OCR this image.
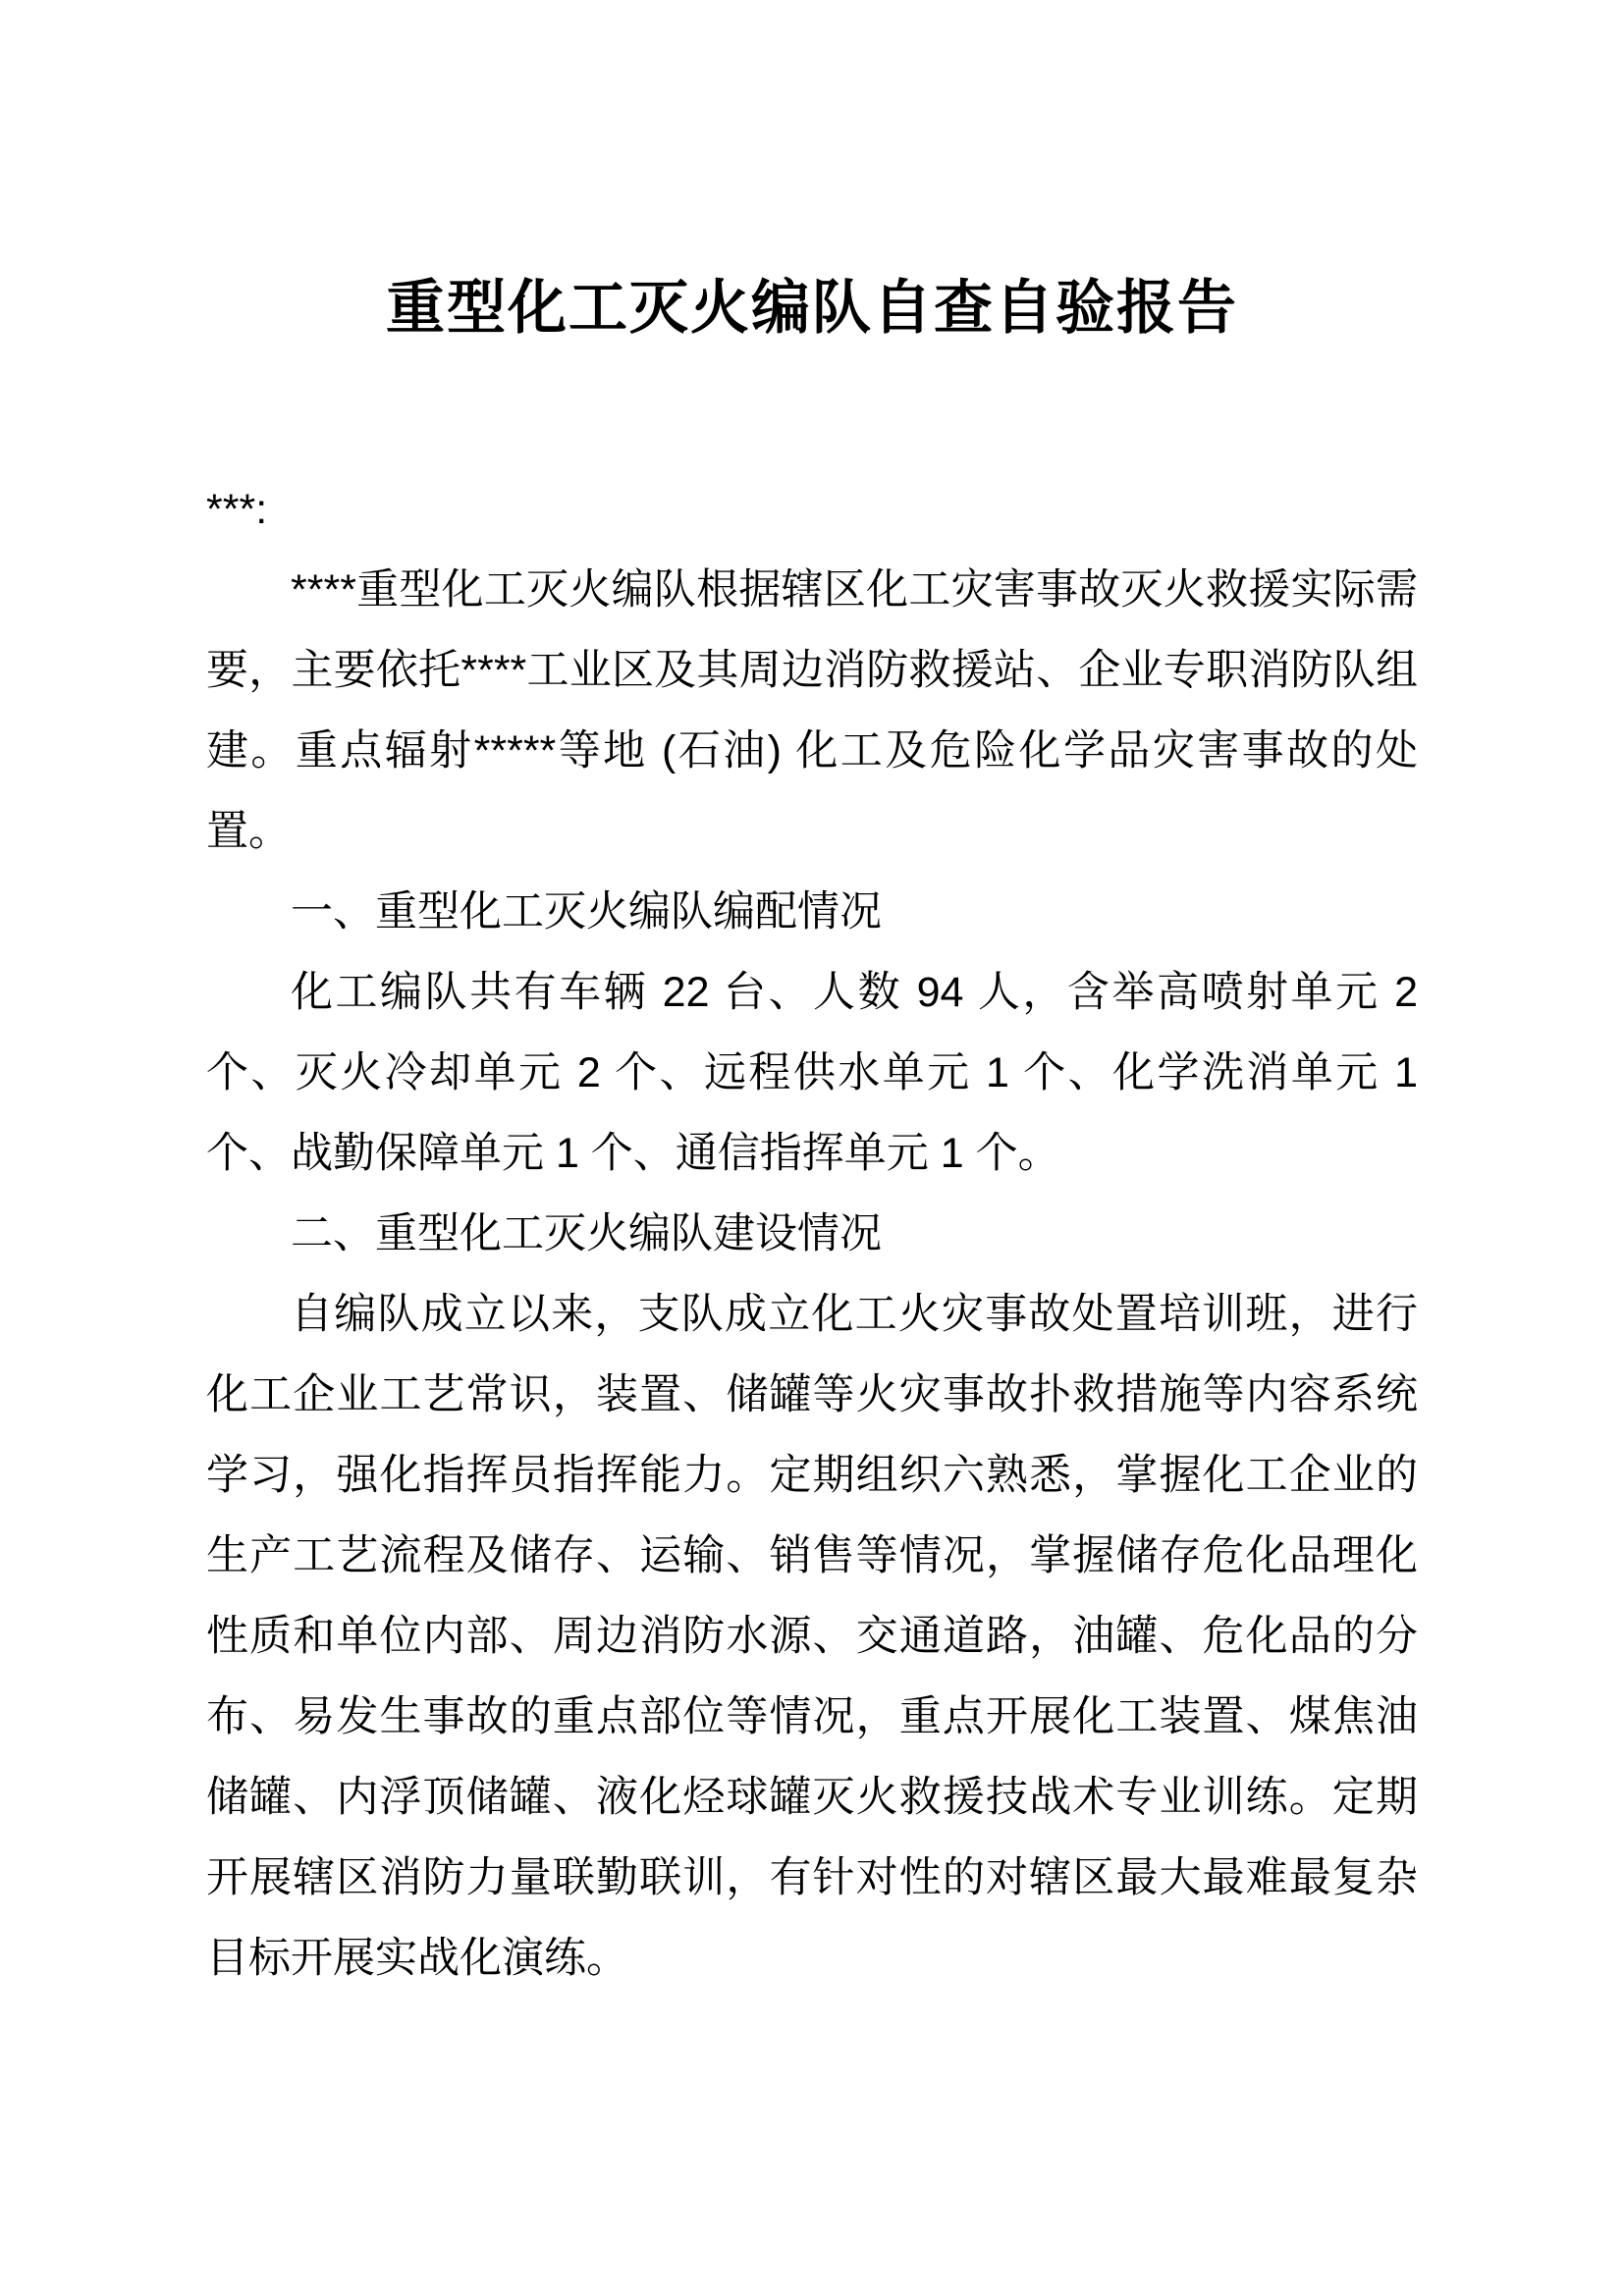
重型化工灭火编队自查自验报告

***:

****重型化工灭火编队根据辖区化工灾害事故灭火救援实际需要，主要依托****工业区及其周边消防救援站、企业专职消防队组建。重点辐射*****等地 (石油) 化工及危险化学品灾害事故的处置。

一、重型化工灭火编队编配情况

化工编队共有车辆 22 台、人数 94 人，含举高喷射单元 2 个、灭火冷却单元 2 个、远程供水单元 1 个、化学洗消单元 1 个、战勤保障单元 1 个、通信指挥单元 1 个。

二、重型化工灭火编队建设情况

自编队成立以来，支队成立化工火灾事故处置培训班，进行化工企业工艺常识，装置、储罐等火灾事故扑救措施等内容系统学习，强化指挥员指挥能力。定期组织六熟悉，掌握化工企业的生产工艺流程及储存、运输、销售等情况，掌握储存危化品理化性质和单位内部、周边消防水源、交通道路，油罐、危化品的分布、易发生事故的重点部位等情况，重点开展化工装置、煤焦油储罐、内浮顶储罐、液化烃球罐灭火救援技战术专业训练。定期开展辖区消防力量联勤联训，有针对性的对辖区最大最难最复杂目标开展实战化演练。
